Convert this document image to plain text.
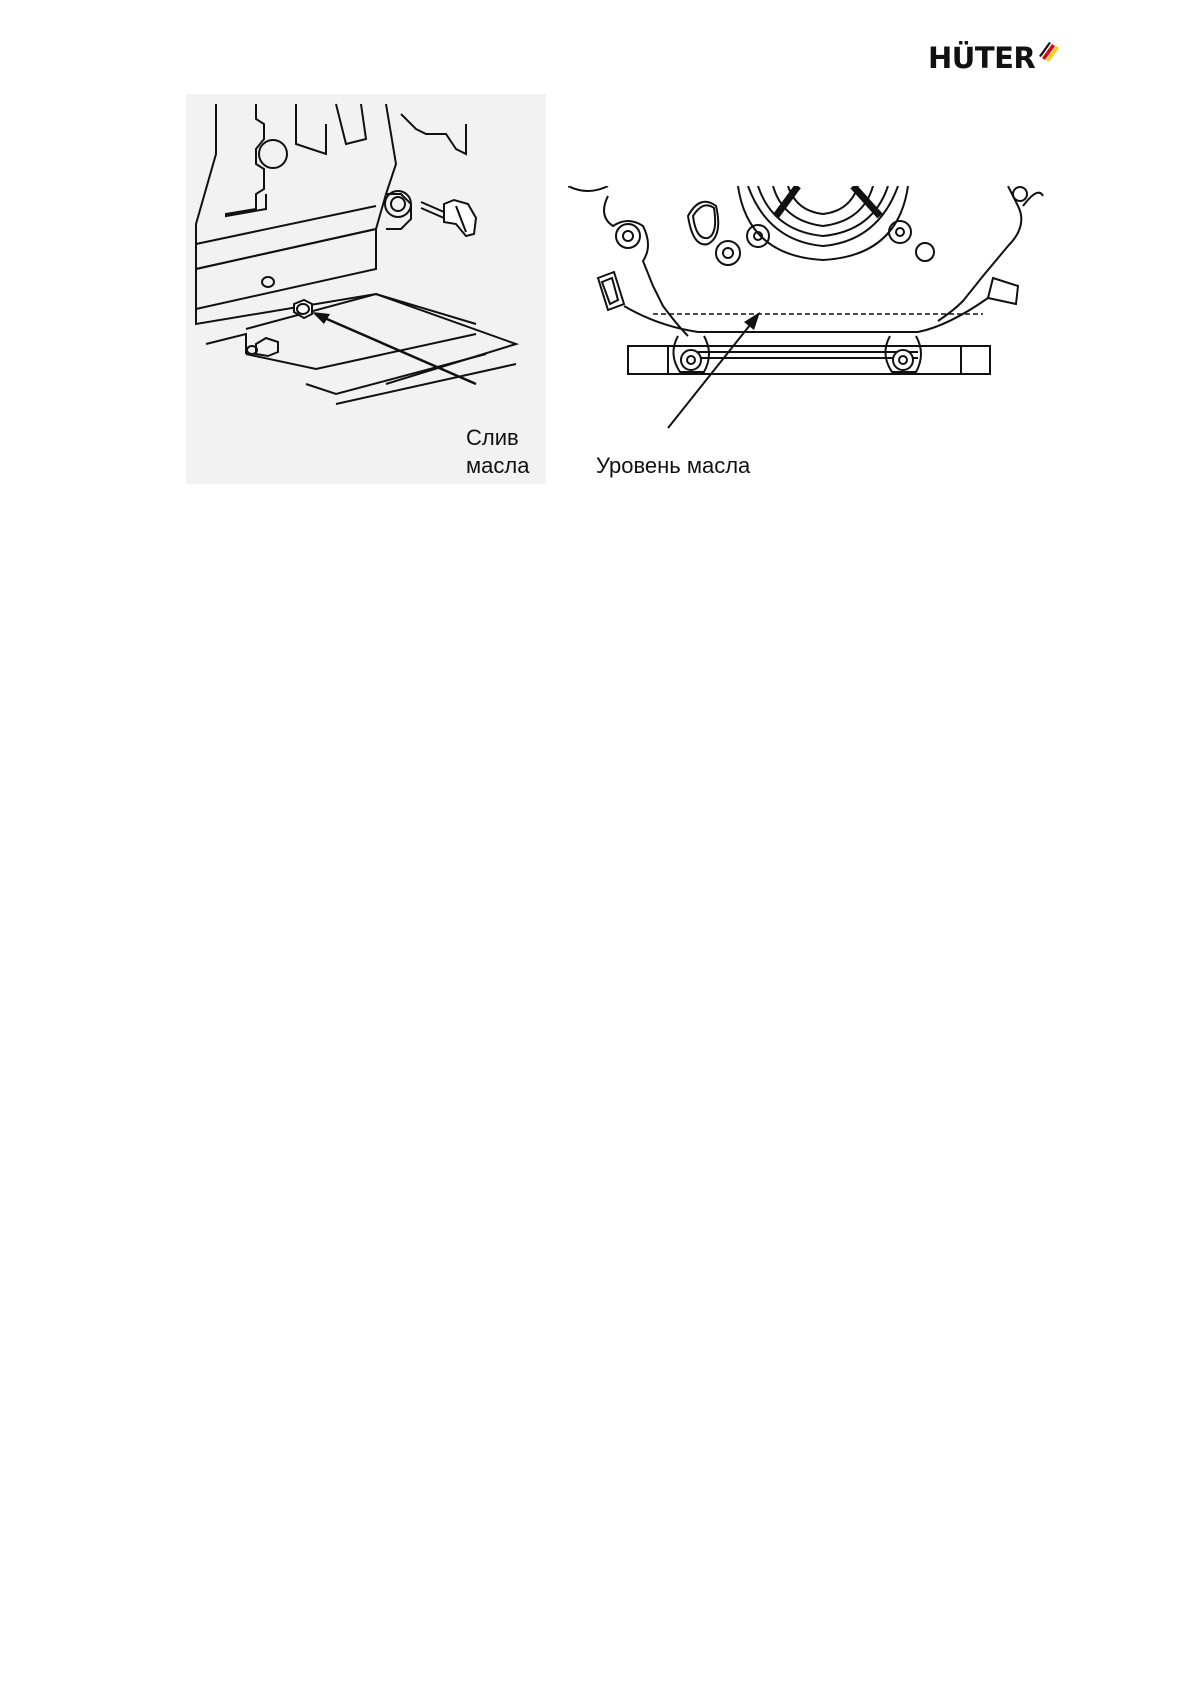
HÜTER
Слив
масла	Уровень масла
